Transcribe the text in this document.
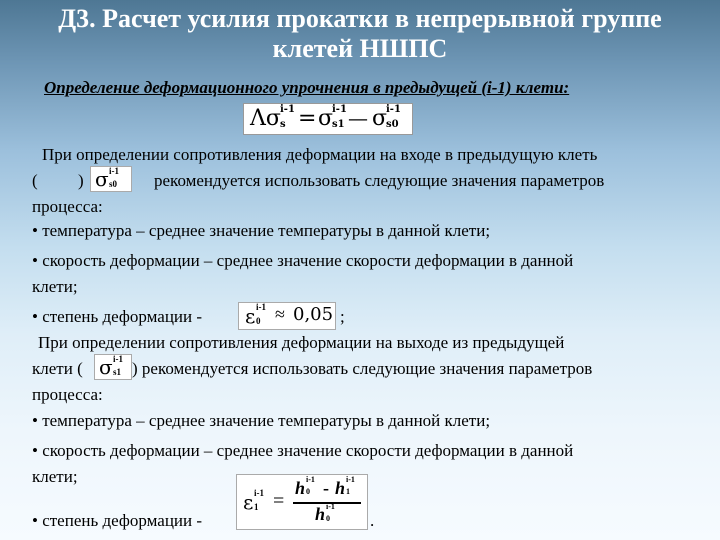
Д3. Расчет усилия прокатки в непрерывной группе
клетей НШПС
Определение деформационного упрочнения в предыдущей (i-1) клети:
Λσ i-1
s = σ
i-1
s1 — σ
i-1
s0
При определении сопротивления деформации на входе в предыдущую клеть
( )	рекомендуется использовать следующие значения параметров
процесса:
σ i-1
s0
• температура – среднее значение температуры в данной клети;
• скорость деформации – среднее значение скорости деформации в данной
клети;
• степень деформации -	;
ε i-1
0 ≈ 0,05
При определении сопротивления деформации на выходе из предыдущей
клети (	) рекомендуется использовать следующие значения параметров
процесса:
σ i-1
s1
• температура – среднее значение температуры в данной клети;
• скорость деформации – среднее значение скорости деформации в данной
клети;
• степень деформации -	.
ε i-1
1 =
h i-1
0 - h i-1
1
h i-1
0
